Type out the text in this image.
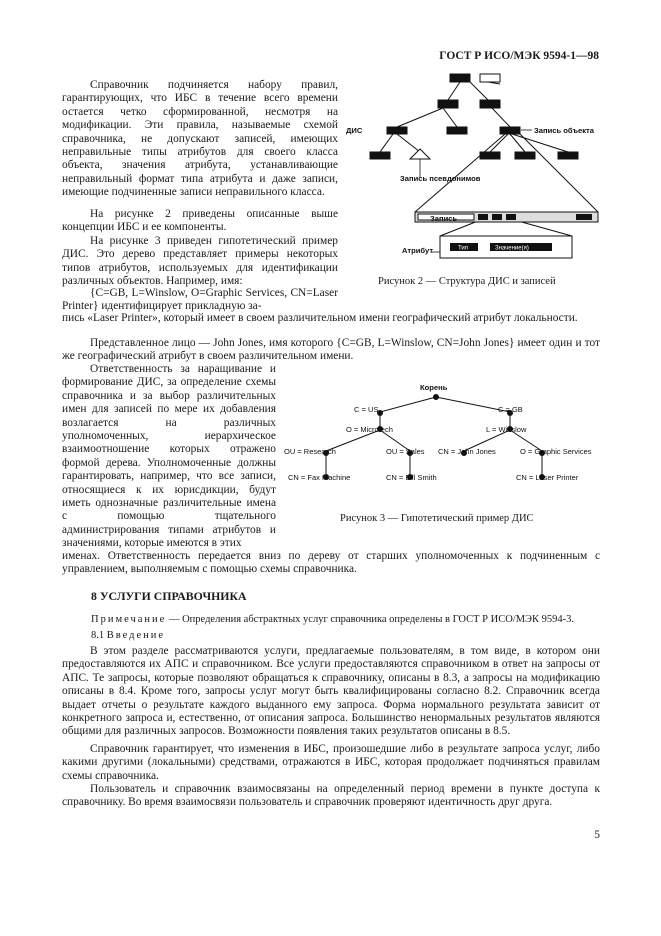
ГОСТ Р ИСО/МЭК 9594-1—98

Справочник подчиняется набору правил, гарантирующих, что ИБС в течение всего времени остается четко сформированной, несмотря на модификации. Эти правила, называемые схемой справочника, не допускают записей, имеющих неправильные типы атрибутов для своего класса объекта, значения атрибута, устанавливающие неправильный формат типа атрибута и даже записи, имеющие подчиненные записи неправильного класса.

На рисунке 2 приведены описанные выше концепции ИБС и ее компоненты.

На рисунке 3 приведен гипотетический пример ДИС. Это дерево представляет примеры некоторых типов атрибутов, используемых для идентификации различных объектов. Например, имя:

{C=GB, L=Winslow, O=Graphic Services, CN=Laser Printer} идентифицирует прикладную за-

пись «Laser Printer», который имеет в своем различительном имени географический атрибут локальности.

Представленное лицо — John Jones, имя которого {C=GB, L=Winslow, CN=John Jones} имеет один и тот же географический атрибут в своем различительном имени.

Ответственность за наращивание и формирование ДИС, за определение схемы справочника и за выбор различительных имен для записей по мере их добавления возлагается на различных уполномоченных, иерархическое взаимоотношение которых отражено формой дерева. Уполномоченные должны гарантировать, например, что все записи, относящиеся к их юрисдикции, будут иметь однозначные различительные имена с помощью тщательного администрирования типами атрибутов и значениями, которые имеются в этих

именах. Ответственность передается вниз по дереву от старших уполномоченных к подчиненным с управлением, выполняемым с помощью схемы справочника.

Тип	Значение(я)
ДИС	Запись объекта
Запись псевдонимов
Запись
Атрибут
Рисунок 2 — Структура ДИС и записей
Корень
C = US	C = GB
O = Microtech	L = Winslow
OU = Research	OU = Sales CN = John Jones	O = Graphic Services
CN = Fax Machine	CN = Bill Smith	CN = Laser Printer
Рисунок 3 — Гипотетический пример ДИС
8 УСЛУГИ СПРАВОЧНИКА
Примечание — Определения абстрактных услуг справочника определены в ГОСТ Р ИСО/МЭК 9594-3.
8.1 Введение

В этом разделе рассматриваются услуги, предлагаемые пользователям, в том виде, в котором они предоставляются их АПС и справочником. Все услуги предоставляются справочником в ответ на запросы от АПС. Те запросы, которые позволяют обращаться к справочнику, описаны в 8.3, а запросы на модификацию описаны в 8.4. Кроме того, запросы услуг могут быть квалифицированы согласно 8.2. Справочник всегда выдает отчеты о результате каждого выданного ему запроса. Форма нормального результата зависит от конкретного запроса и, естественно, от описания запроса. Большинство ненормальных результатов являются общими для различных запросов. Возможности появления таких результатов описаны в 8.5.

Справочник гарантирует, что изменения в ИБС, произошедшие либо в результате запроса услуг, либо какими другими (локальными) средствами, отражаются в ИБС, которая продолжает подчиняться правилам схемы справочника.

Пользователь и справочник взаимосвязаны на определенный период времени в пункте доступа к справочнику. Во время взаимосвязи пользователь и справочник проверяют идентичность друг друга.

5
